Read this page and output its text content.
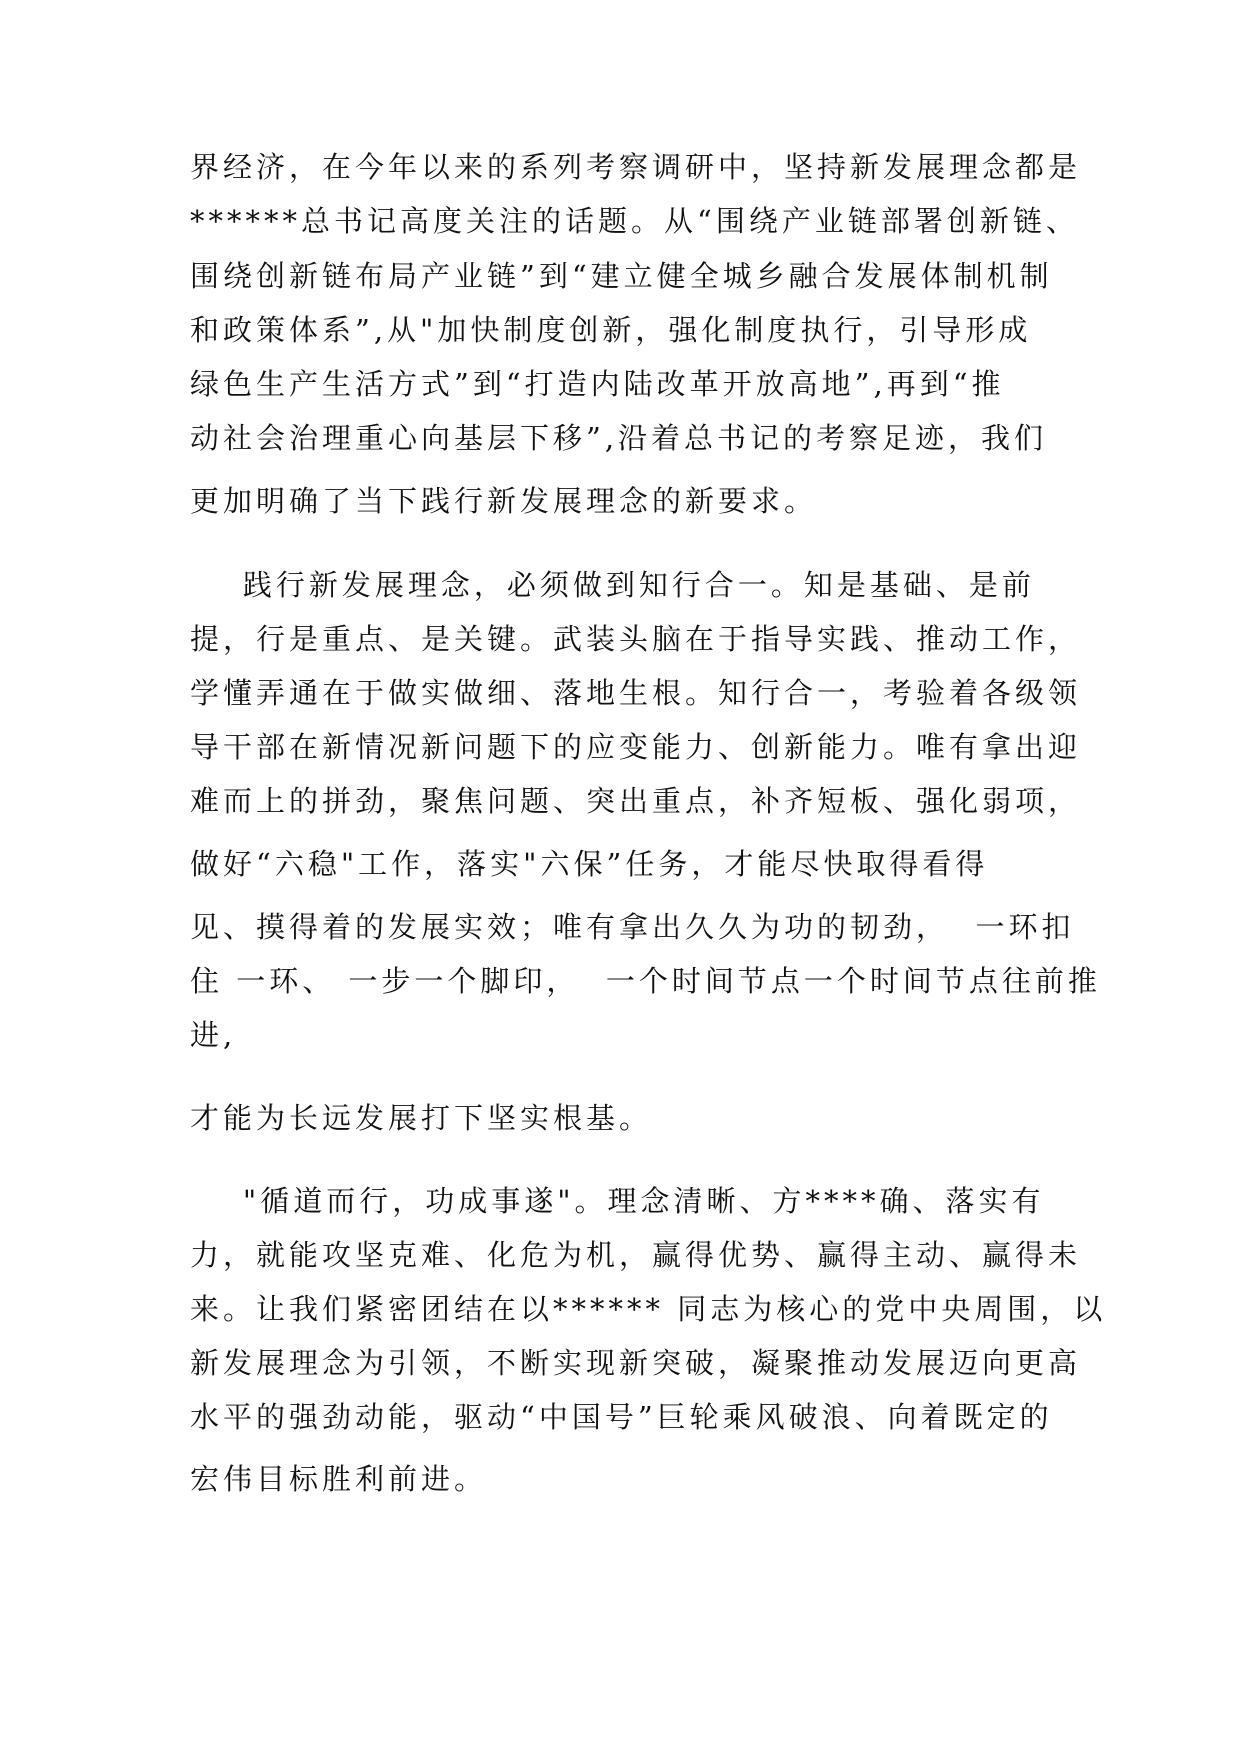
界经济，在今年以来的系列考察调研中，坚持新发展理念都是

******总书记高度关注的话题。从“围绕产业链部署创新链、

围绕创新链布局产业链”到“建立健全城乡融合发展体制机制

和政策体系”,从"加快制度创新，强化制度执行，引导形成

绿色生产生活方式”到“打造内陆改革开放高地”,再到“推

动社会治理重心向基层下移”,沿着总书记的考察足迹，我们

更加明确了当下践行新发展理念的新要求。

践行新发展理念，必须做到知行合一。知是基础、是前

提，行是重点、是关键。武装头脑在于指导实践、推动工作，

学懂弄通在于做实做细、落地生根。知行合一，考验着各级领

导干部在新情况新问题下的应变能力、创新能力。唯有拿出迎

难而上的拼劲，聚焦问题、突出重点，补齐短板、强化弱项，

做好“六稳"工作，落实"六保”任务，才能尽快取得看得

见、摸得着的发展实效；唯有拿出久久为功的韧劲，  一环扣

住 一环、 一步一个脚印，  一个时间节点一个时间节点往前推

进,

才能为长远发展打下坚实根基。

"循道而行，功成事遂"。理念清晰、方****确、落实有

力，就能攻坚克难、化危为机，赢得优势、赢得主动、赢得未

来。让我们紧密团结在以****** 同志为核心的党中央周围，以

新发展理念为引领，不断实现新突破，凝聚推动发展迈向更高

水平的强劲动能，驱动“中国号”巨轮乘风破浪、向着既定的

宏伟目标胜利前进。
